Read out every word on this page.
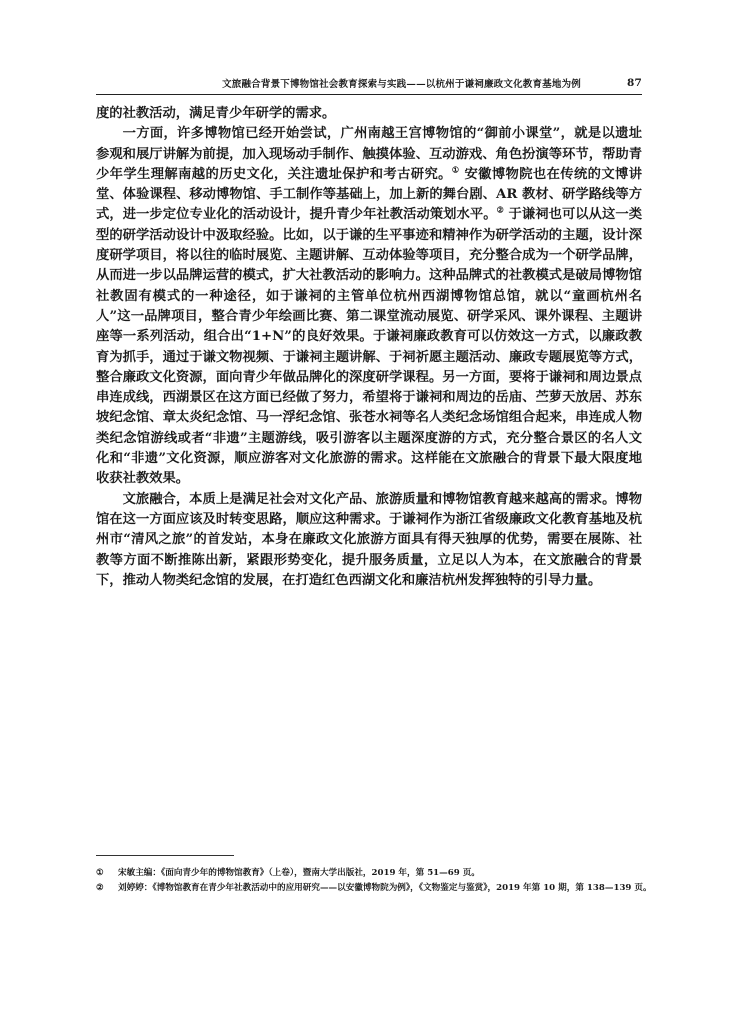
文旅融合背景下博物馆社会教育探索与实践——以杭州于谦祠廉政文化教育基地为例	87

度的社教活动，满足青少年研学的需求。

一方面，许多博物馆已经开始尝试，广州南越王宫博物馆的“御前小课堂”，就是以遗址参观和展厅讲解为前提，加入现场动手制作、触摸体验、互动游戏、角色扮演等环节，帮助青少年学生理解南越的历史文化，关注遗址保护和考古研究。① 安徽博物院也在传统的文博讲堂、体验课程、移动博物馆、手工制作等基础上，加上新的舞台剧、AR 教材、研学路线等方式，进一步定位专业化的活动设计，提升青少年社教活动策划水平。② 于谦祠也可以从这一类型的研学活动设计中汲取经验。比如，以于谦的生平事迹和精神作为研学活动的主题，设计深度研学项目，将以往的临时展览、主题讲解、互动体验等项目，充分整合成为一个研学品牌，从而进一步以品牌运营的模式，扩大社教活动的影响力。这种品牌式的社教模式是破局博物馆社教固有模式的一种途径，如于谦祠的主管单位杭州西湖博物馆总馆，就以“童画杭州名人”这一品牌项目，整合青少年绘画比赛、第二课堂流动展览、研学采风、课外课程、主题讲座等一系列活动，组合出“1+N”的良好效果。于谦祠廉政教育可以仿效这一方式，以廉政教育为抓手，通过于谦文物视频、于谦祠主题讲解、于祠祈愿主题活动、廉政专题展览等方式，整合廉政文化资源，面向青少年做品牌化的深度研学课程。另一方面，要将于谦祠和周边景点串连成线，西湖景区在这方面已经做了努力，希望将于谦祠和周边的岳庙、苎萝天放居、苏东坡纪念馆、章太炎纪念馆、马一浮纪念馆、张苍水祠等名人类纪念场馆组合起来，串连成人物类纪念馆游线或者“非遗”主题游线，吸引游客以主题深度游的方式，充分整合景区的名人文化和“非遗”文化资源，顺应游客对文化旅游的需求。这样能在文旅融合的背景下最大限度地收获社教效果。

文旅融合，本质上是满足社会对文化产品、旅游质量和博物馆教育越来越高的需求。博物馆在这一方面应该及时转变思路，顺应这种需求。于谦祠作为浙江省级廉政文化教育基地及杭州市“清风之旅”的首发站，本身在廉政文化旅游方面具有得天独厚的优势，需要在展陈、社教等方面不断推陈出新，紧跟形势变化，提升服务质量，立足以人为本，在文旅融合的背景下，推动人物类纪念馆的发展，在打造红色西湖文化和廉洁杭州发挥独特的引导力量。

①	宋敏主编：《面向青少年的博物馆教育》（上卷），暨南大学出版社，2019 年，第 51—69 页。
②	刘婷婷：《博物馆教育在青少年社教活动中的应用研究——以安徽博物院为例》，《文物鉴定与鉴赏》，2019 年第 10 期，第 138—139 页。
